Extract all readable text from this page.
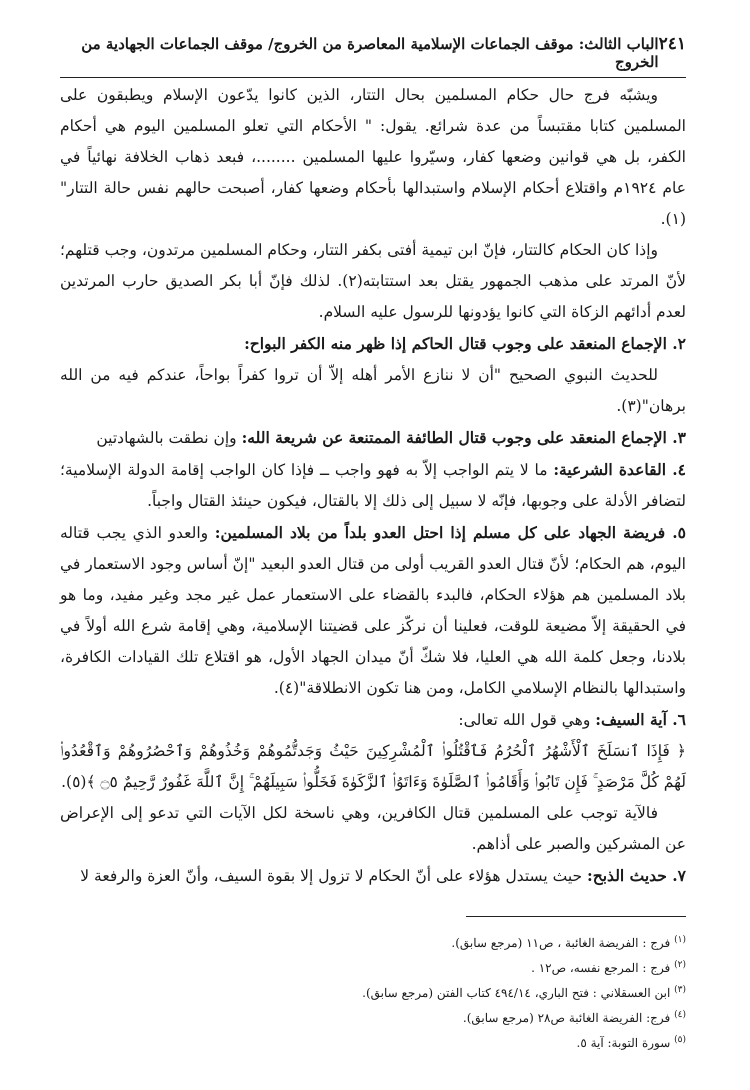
الباب الثالث: موقف الجماعات الإسلامية المعاصرة من الخروج/ موقف الجماعات الجهادية من الخروج
٢٤١

ويشبّه فرج حال حكام المسلمين بحال التتار، الذين كانوا يدّعون الإسلام ويطبقون على المسلمين كتابا مقتبساً من عدة شرائع. يقول: " الأحكام التي تعلو المسلمين اليوم هي أحكام الكفر، بل هي قوانين وضعها كفار، وسيّروا عليها المسلمين ........، فبعد ذهاب الخلافة نهائياً في عام ١٩٢٤م واقتلاع أحكام الإسلام واستبدالها بأحكام وضعها كفار، أصبحت حالهم نفس حالة التتار"(١).

وإذا كان الحكام كالتتار، فإنّ ابن تيمية أفتى بكفر التتار، وحكام المسلمين مرتدون، وجب قتلهم؛ لأنّ المرتد على مذهب الجمهور يقتل بعد استتابته(٢). لذلك فإنّ أبا بكر الصديق حارب المرتدين لعدم أدائهم الزكاة التي كانوا يؤدونها للرسول عليه السلام.

٢. الإجماع المنعقد على وجوب قتال الحاكم إذا ظهر منه الكفر البواح:

للحديث النبوي الصحيح "أن لا ننازع الأمر أهله إلاّ أن تروا كفراً بواحاً، عندكم فيه من الله برهان"(٣).

٣. الإجماع المنعقد على وجوب قتال الطائفة الممتنعة عن شريعة الله: وإن نطقت بالشهادتين

٤. القاعدة الشرعية: ما لا يتم الواجب إلاّ به فهو واجب ــ فإذا كان الواجب إقامة الدولة الإسلامية؛ لتضافر الأدلة على وجوبها، فإنّه لا سبيل إلى ذلك إلا بالقتال، فيكون حينئذ القتال واجباً.

٥. فريضة الجهاد على كل مسلم إذا احتل العدو بلداً من بلاد المسلمين: والعدو الذي يجب قتاله اليوم، هم الحكام؛ لأنّ قتال العدو القريب أولى من قتال العدو البعيد "إنّ أساس وجود الاستعمار في بلاد المسلمين هم هؤلاء الحكام، فالبدء بالقضاء على الاستعمار عمل غير مجد وغير مفيد، وما هو في الحقيقة إلاّ مضيعة للوقت، فعلينا أن نركّز على قضيتنا الإسلامية، وهي إقامة شرع الله أولاً في بلادنا، وجعل كلمة الله هي العليا، فلا شكّ أنّ ميدان الجهاد الأول، هو اقتلاع تلك القيادات الكافرة، واستبدالها بالنظام الإسلامي الكامل، ومن هنا تكون الانطلاقة"(٤).

٦. آية السيف: وهي قول الله تعالى:

﴿ فَإِذَا ٱنسَلَخَ ٱلْأَشْهُرُ ٱلْحُرُمُ فَٱقْتُلُوا۟ ٱلْمُشْرِكِينَ حَيْثُ وَجَدتُّمُوهُمْ وَخُذُوهُمْ وَٱحْصُرُوهُمْ وَٱقْعُدُوا۟ لَهُمْ كُلَّ مَرْصَدٍ ۚ فَإِن تَابُوا۟ وَأَقَامُوا۟ ٱلصَّلَوٰةَ وَءَاتَوُا۟ ٱلزَّكَوٰةَ فَخَلُّوا۟ سَبِيلَهُمْ ۚ إِنَّ ٱللَّهَ غَفُورٌ رَّحِيمٌ ۝٥ ﴾(٥).

فالآية توجب على المسلمين قتال الكافرين، وهي ناسخة لكل الآيات التي تدعو إلى الإعراض عن المشركين والصبر على أذاهم.

٧. حديث الذبح: حيث يستدل هؤلاء على أنّ الحكام لا تزول إلا بقوة السيف، وأنّ العزة والرفعة لا

$^{(١)}$ فرج : الفريضة الغائبة ، ص١١ (مرجع سابق).

$^{(٢)}$ فرج : المرجع نفسه، ص١٢ .

$^{(٣)}$ ابن العسقلاني : فتح الباري، ٤٩٤/١٤ كتاب الفتن (مرجع سابق).

$^{(٤)}$ فرج: الفريضة الغائبة ص٢٨ (مرجع سابق).

$^{(٥)}$ سورة التوبة: آية ٥.
